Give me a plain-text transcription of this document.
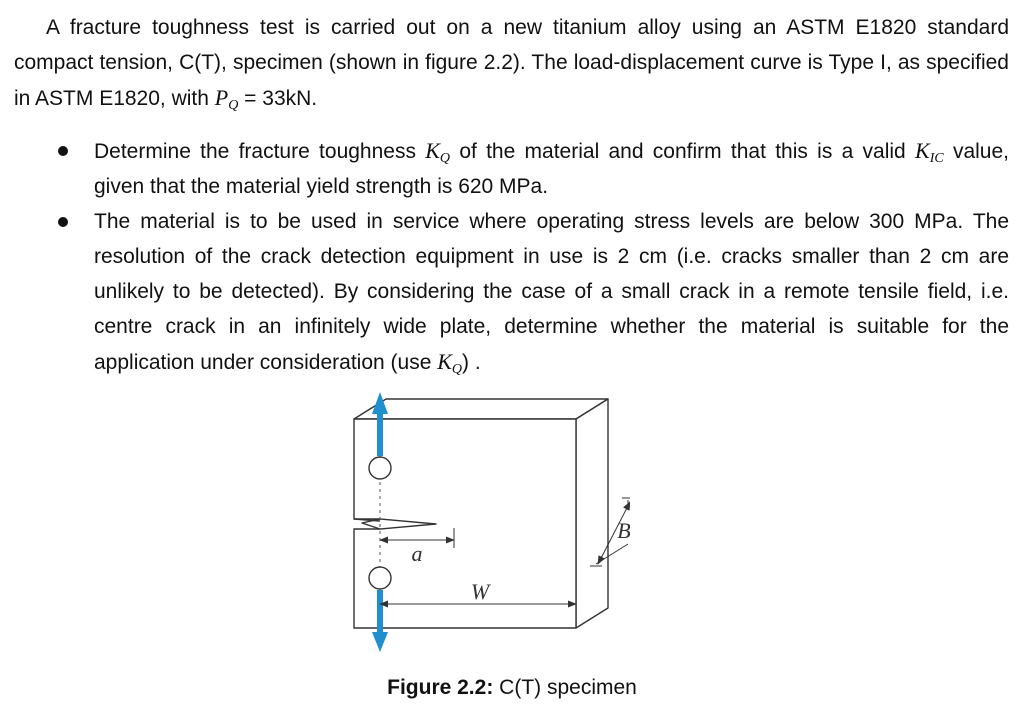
A fracture toughness test is carried out on a new titanium alloy using an ASTM E1820 standard compact tension, C(T), specimen (shown in figure 2.2). The load-displacement curve is Type I, as specified in ASTM E1820, with $P_Q = 33kN$.

Determine the fracture toughness $K_Q$ of the material and confirm that this is a valid $K_{IC}$ value, given that the material yield strength is 620 MPa.
The material is to be used in service where operating stress levels are below 300 MPa. The resolution of the crack detection equipment in use is 2 cm (i.e. cracks smaller than 2 cm are unlikely to be detected). By considering the case of a small crack in a remote tensile field, i.e. centre crack in an infinitely wide plate, determine whether the material is suitable for the application under consideration (use $K_Q$) .
a
W
B
Figure 2.2: C(T) specimen
